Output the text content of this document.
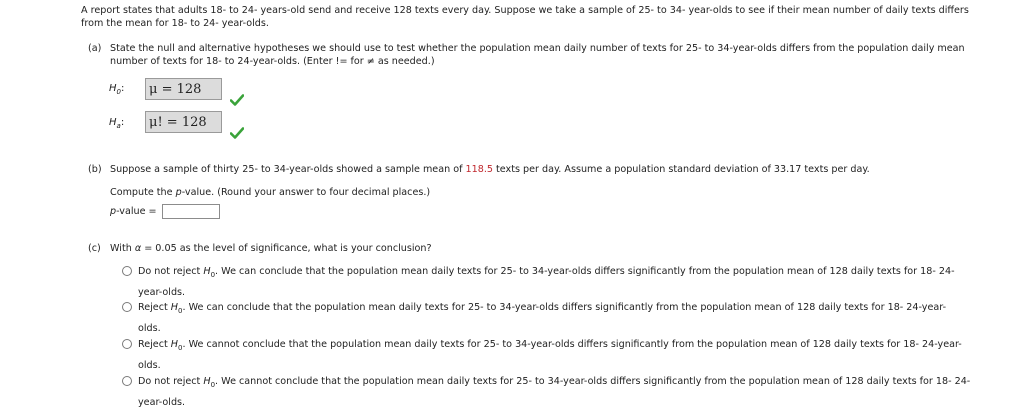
A report states that adults 18- to 24- years-old send and receive 128 texts every day. Suppose we take a sample of 25- to 34- year-olds to see if their mean number of daily texts differs

from the mean for 18- to 24- year-olds.

(a) State the null and alternative hypotheses we should use to test whether the population mean daily number of texts for 25- to 34-year-olds differs from the population daily mean
number of texts for 18- to 24-year-olds. (Enter != for ≠ as needed.)
$H_0$:	μ = 128
$H_a$:	μ! = 128
(b) Suppose a sample of thirty 25- to 34-year-olds showed a sample mean of 118.5 texts per day. Assume a population standard deviation of 33.17 texts per day.
Compute the p-value. (Round your answer to four decimal places.)
p-value =
(c) With α = 0.05 as the level of significance, what is your conclusion?
Do not reject $H_0$. We can conclude that the population mean daily texts for 25- to 34-year-olds differs significantly from the population mean of 128 daily texts for 18- 24-
year-olds.
Reject $H_0$. We can conclude that the population mean daily texts for 25- to 34-year-olds differs significantly from the population mean of 128 daily texts for 18- 24-year-
olds.
Reject $H_0$. We cannot conclude that the population mean daily texts for 25- to 34-year-olds differs significantly from the population mean of 128 daily texts for 18- 24-year-
olds.
Do not reject $H_0$. We cannot conclude that the population mean daily texts for 25- to 34-year-olds differs significantly from the population mean of 128 daily texts for 18- 24-
year-olds.
